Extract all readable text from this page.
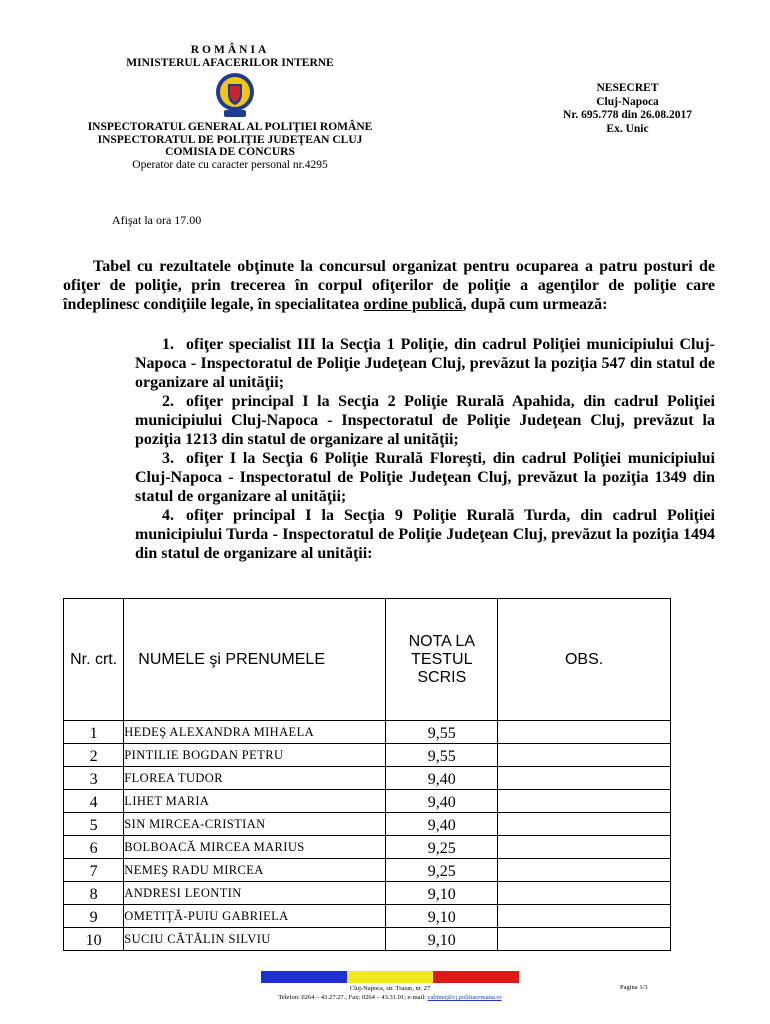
ROMÂNIA
MINISTERUL AFACERILOR INTERNE
INSPECTORATUL GENERAL AL POLIŢIEI ROMÂNE
INSPECTORATUL DE POLIŢIE JUDEŢEAN CLUJ
COMISIA DE CONCURS
Operator date cu caracter personal nr.4295
NESECRET
Cluj-Napoca
Nr. 695.778 din 26.08.2017
Ex. Unic
Afişat la ora 17.00
Tabel cu rezultatele obţinute la concursul organizat pentru ocuparea a patru posturi de ofiţer de poliţie, prin trecerea în corpul ofiţerilor de poliţie a agenţilor de poliţie care îndeplinesc condiţiile legale, în specialitatea ordine publică, după cum urmează:

1. ofiţer specialist III la Secţia 1 Poliţie, din cadrul Poliţiei municipiului Cluj-Napoca - Inspectoratul de Poliţie Judeţean Cluj, prevăzut la poziţia 547 din statul de organizare al unităţii;

2. ofiţer principal I la Secţia 2 Poliţie Rurală Apahida, din cadrul Poliţiei municipiului Cluj-Napoca - Inspectoratul de Poliţie Judeţean Cluj, prevăzut la poziţia 1213 din statul de organizare al unităţii;

3. ofiţer I la Secţia 6 Poliţie Rurală Floreşti, din cadrul Poliţiei municipiului Cluj-Napoca - Inspectoratul de Poliţie Judeţean Cluj, prevăzut la poziţia 1349 din statul de organizare al unităţii;

4. ofiţer principal I la Secţia 9 Poliţie Rurală Turda, din cadrul Poliţiei municipiului Turda - Inspectoratul de Poliţie Judeţean Cluj, prevăzut la poziţia 1494 din statul de organizare al unităţii:

Nr. crt.	NUMELE şi PRENUMELE	NOTA LA TESTUL SCRIS	OBS.
1	HEDEŞ ALEXANDRA MIHAELA	9,55	
2	PINTILIE BOGDAN PETRU	9,55	
3	FLOREA TUDOR	9,40	
4	LIHET MARIA	9,40	
5	SIN MIRCEA-CRISTIAN	9,40	
6	BOLBOACĂ MIRCEA MARIUS	9,25	
7	NEMEŞ RADU MIRCEA	9,25	
8	ANDRESI LEONTIN	9,10	
9	OMETIŢĂ-PUIU GABRIELA	9,10	
10	SUCIU CĂTĂLIN SILVIU	9,10	
Cluj-Napoca, str. Traian, nr. 27
Telefon: 0264 – 43.27.27.; Fax: 0264 – 43.31.01; e-mail: cabinet@cj.politiaromana.ro
Pagina 1/3
